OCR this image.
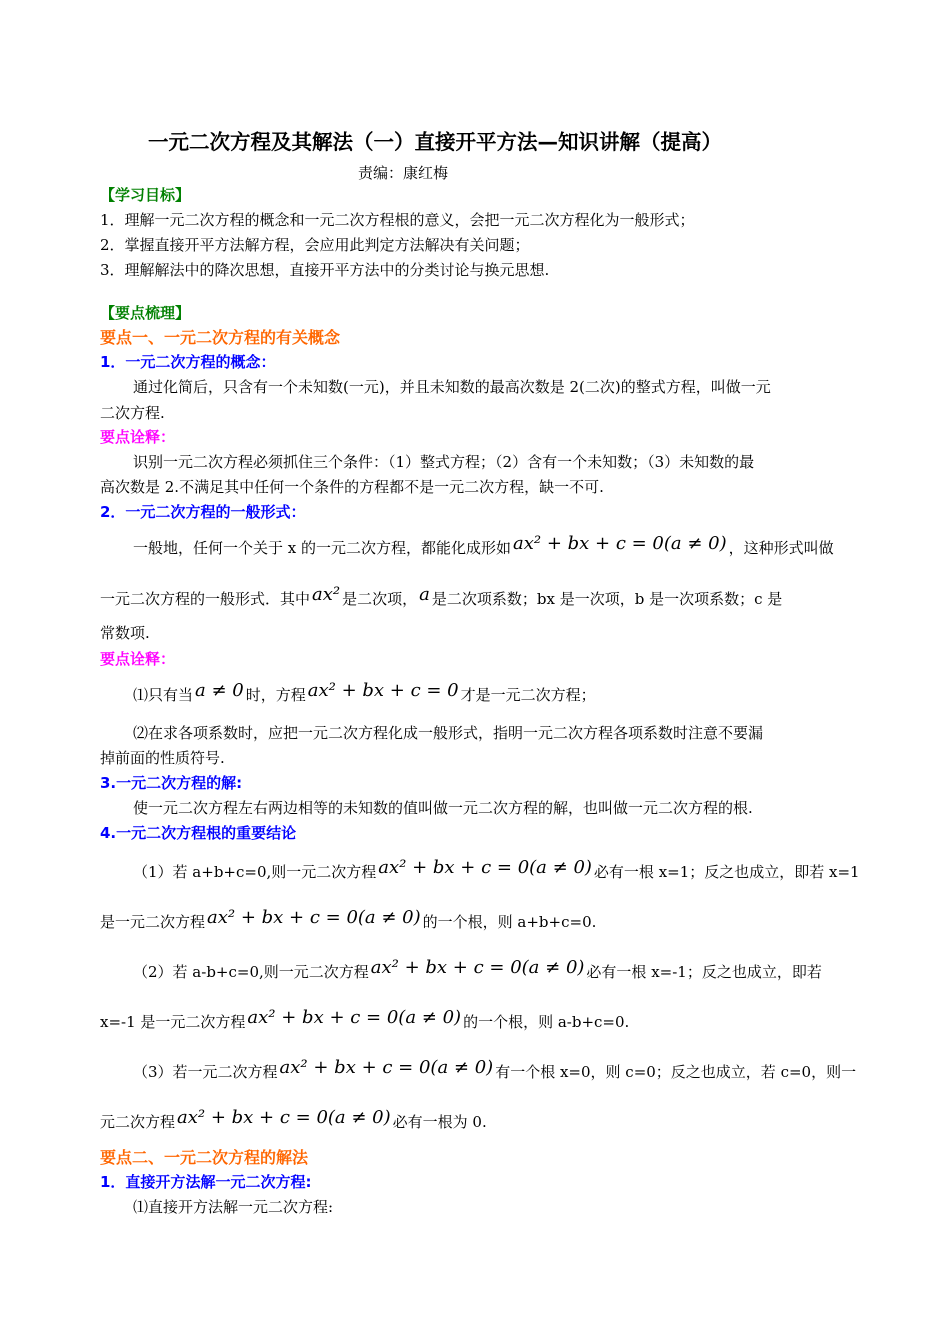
一元二次方程及其解法（一）直接开平方法—知识讲解（提高）
责编：康红梅
【学习目标】
1．理解一元二次方程的概念和一元二次方程根的意义，会把一元二次方程化为一般形式；
2．掌握直接开平方法解方程，会应用此判定方法解决有关问题；
3．理解解法中的降次思想，直接开平方法中的分类讨论与换元思想.
【要点梳理】
要点一、一元二次方程的有关概念
1．一元二次方程的概念：
通过化简后，只含有一个未知数(一元)，并且未知数的最高次数是 2(二次)的整式方程，叫做一元
二次方程.
要点诠释：
识别一元二次方程必须抓住三个条件：（1）整式方程；（2）含有一个未知数；（3）未知数的最
高次数是 2.不满足其中任何一个条件的方程都不是一元二次方程，缺一不可.
2．一元二次方程的一般形式：
一般地，任何一个关于 x 的一元二次方程，都能化成形如 ax² + bx + c = 0(a ≠ 0) ，这种形式叫做
一元二次方程的一般形式．其中 ax² 是二次项， a 是二次项系数；bx 是一次项，b 是一次项系数；c 是
常数项.
要点诠释：
⑴只有当 a ≠ 0 时，方程 ax² + bx + c = 0 才是一元二次方程；
⑵在求各项系数时，应把一元二次方程化成一般形式，指明一元二次方程各项系数时注意不要漏
掉前面的性质符号.
3.一元二次方程的解:
使一元二次方程左右两边相等的未知数的值叫做一元二次方程的解，也叫做一元二次方程的根.
4.一元二次方程根的重要结论
（1）若 a+b+c=0,则一元二次方程 ax² + bx + c = 0(a ≠ 0) 必有一根 x=1；反之也成立，即若 x=1
是一元二次方程 ax² + bx + c = 0(a ≠ 0) 的一个根，则 a+b+c=0.
（2）若 a-b+c=0,则一元二次方程 ax² + bx + c = 0(a ≠ 0) 必有一根 x=-1；反之也成立，即若
x=-1 是一元二次方程 ax² + bx + c = 0(a ≠ 0) 的一个根，则 a-b+c=0.
（3）若一元二次方程 ax² + bx + c = 0(a ≠ 0) 有一个根 x=0，则 c=0；反之也成立，若 c=0，则一
元二次方程 ax² + bx + c = 0(a ≠ 0) 必有一根为 0.
要点二、一元二次方程的解法
1．直接开方法解一元二次方程:
⑴直接开方法解一元二次方程:
